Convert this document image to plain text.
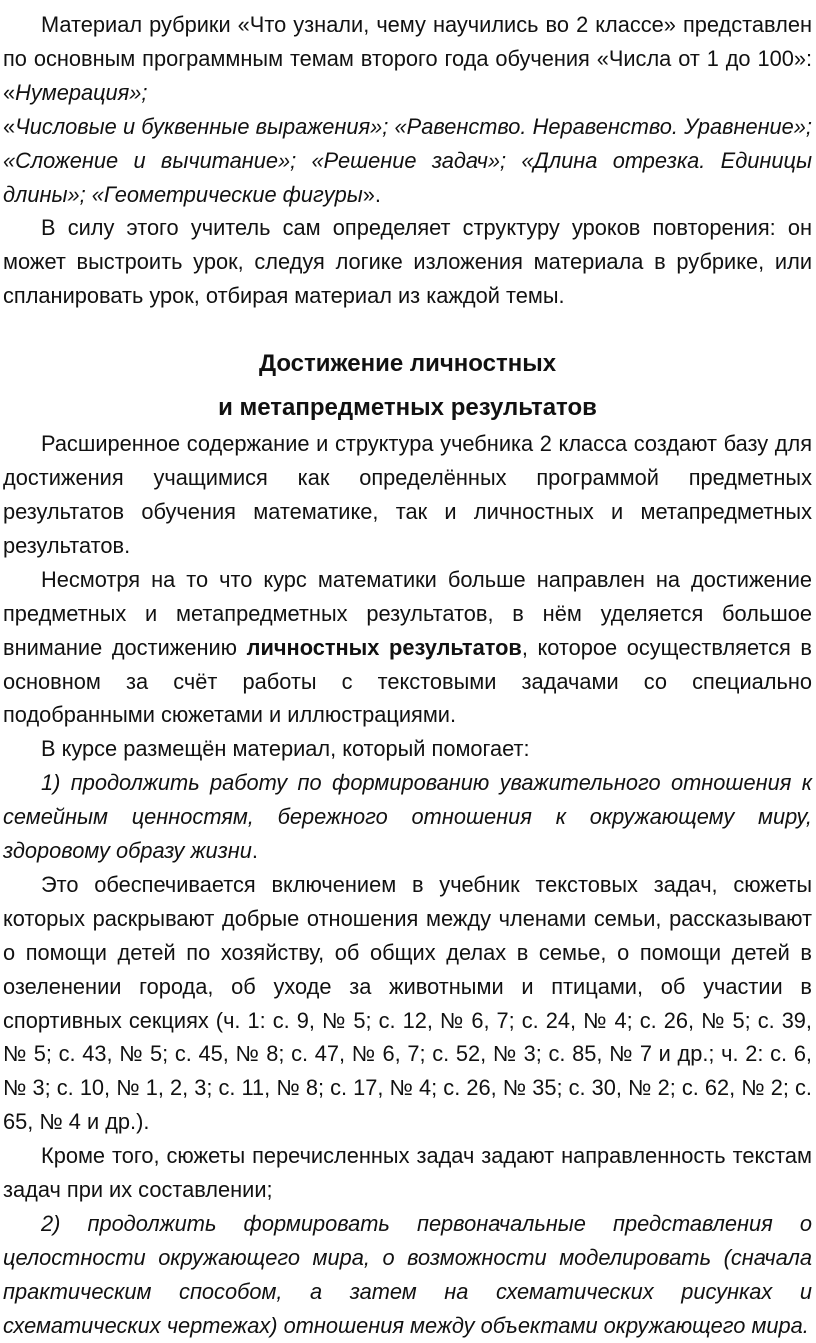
Материал рубрики «Что узнали, чему научились во 2 классе» представлен по основным программным темам второго года обучения «Числа от 1 до 100»: «Нумерация»;

«Числовые и буквенные выражения»; «Равенство. Неравенство. Уравнение»; «Сложение и вычитание»; «Решение задач»; «Длина отрезка. Единицы длины»; «Геометрические фигуры».

В силу этого учитель сам определяет структуру уроков повторения: он может выстроить урок, следуя логике изложения материала в рубрике, или спланировать урок, отбирая материал из каждой темы.

Достижение личностных
и метапредметных результатов

Расширенное содержание и структура учебника 2 класса создают базу для достижения учащимися как определённых программой предметных результатов обучения математике, так и личностных и метапредметных результатов.

Несмотря на то что курс математики больше направлен на достижение предметных и метапредметных результатов, в нём уделяется большое внимание достижению личностных результатов, которое осуществляется в основном за счёт работы с текстовыми задачами со специально подобранными сюжетами и иллюстрациями.

В курсе размещён материал, который помогает:

1) продолжить работу по формированию уважительного отношения к семейным ценностям, бережного отношения к окружающему миру, здоровому образу жизни.

Это обеспечивается включением в учебник текстовых задач, сюжеты которых раскрывают добрые отношения между членами семьи, рассказывают о помощи детей по хозяйству, об общих делах в семье, о помощи детей в озеленении города, об уходе за животными и птицами, об участии в спортивных секциях (ч. 1: с. 9, № 5; с. 12, № 6, 7; с. 24, № 4; с. 26, № 5; с. 39, № 5; с. 43, № 5; с. 45, № 8; с. 47, № 6, 7; с. 52, № 3; с. 85, № 7 и др.; ч. 2: с. 6, № 3; с. 10, № 1, 2, 3; с. 11, № 8; с. 17, № 4; с. 26, № 35; с. 30, № 2; с. 62, № 2; с. 65, № 4 и др.).

Кроме того, сюжеты перечисленных задач задают направленность текстам задач при их составлении;

2) продолжить формировать первоначальные представления о целостности окружающего мира, о возможности моделировать (сначала практическим способом, а затем на схематических рисунках и схематических чертежах) отношения между объектами окружающего мира.
